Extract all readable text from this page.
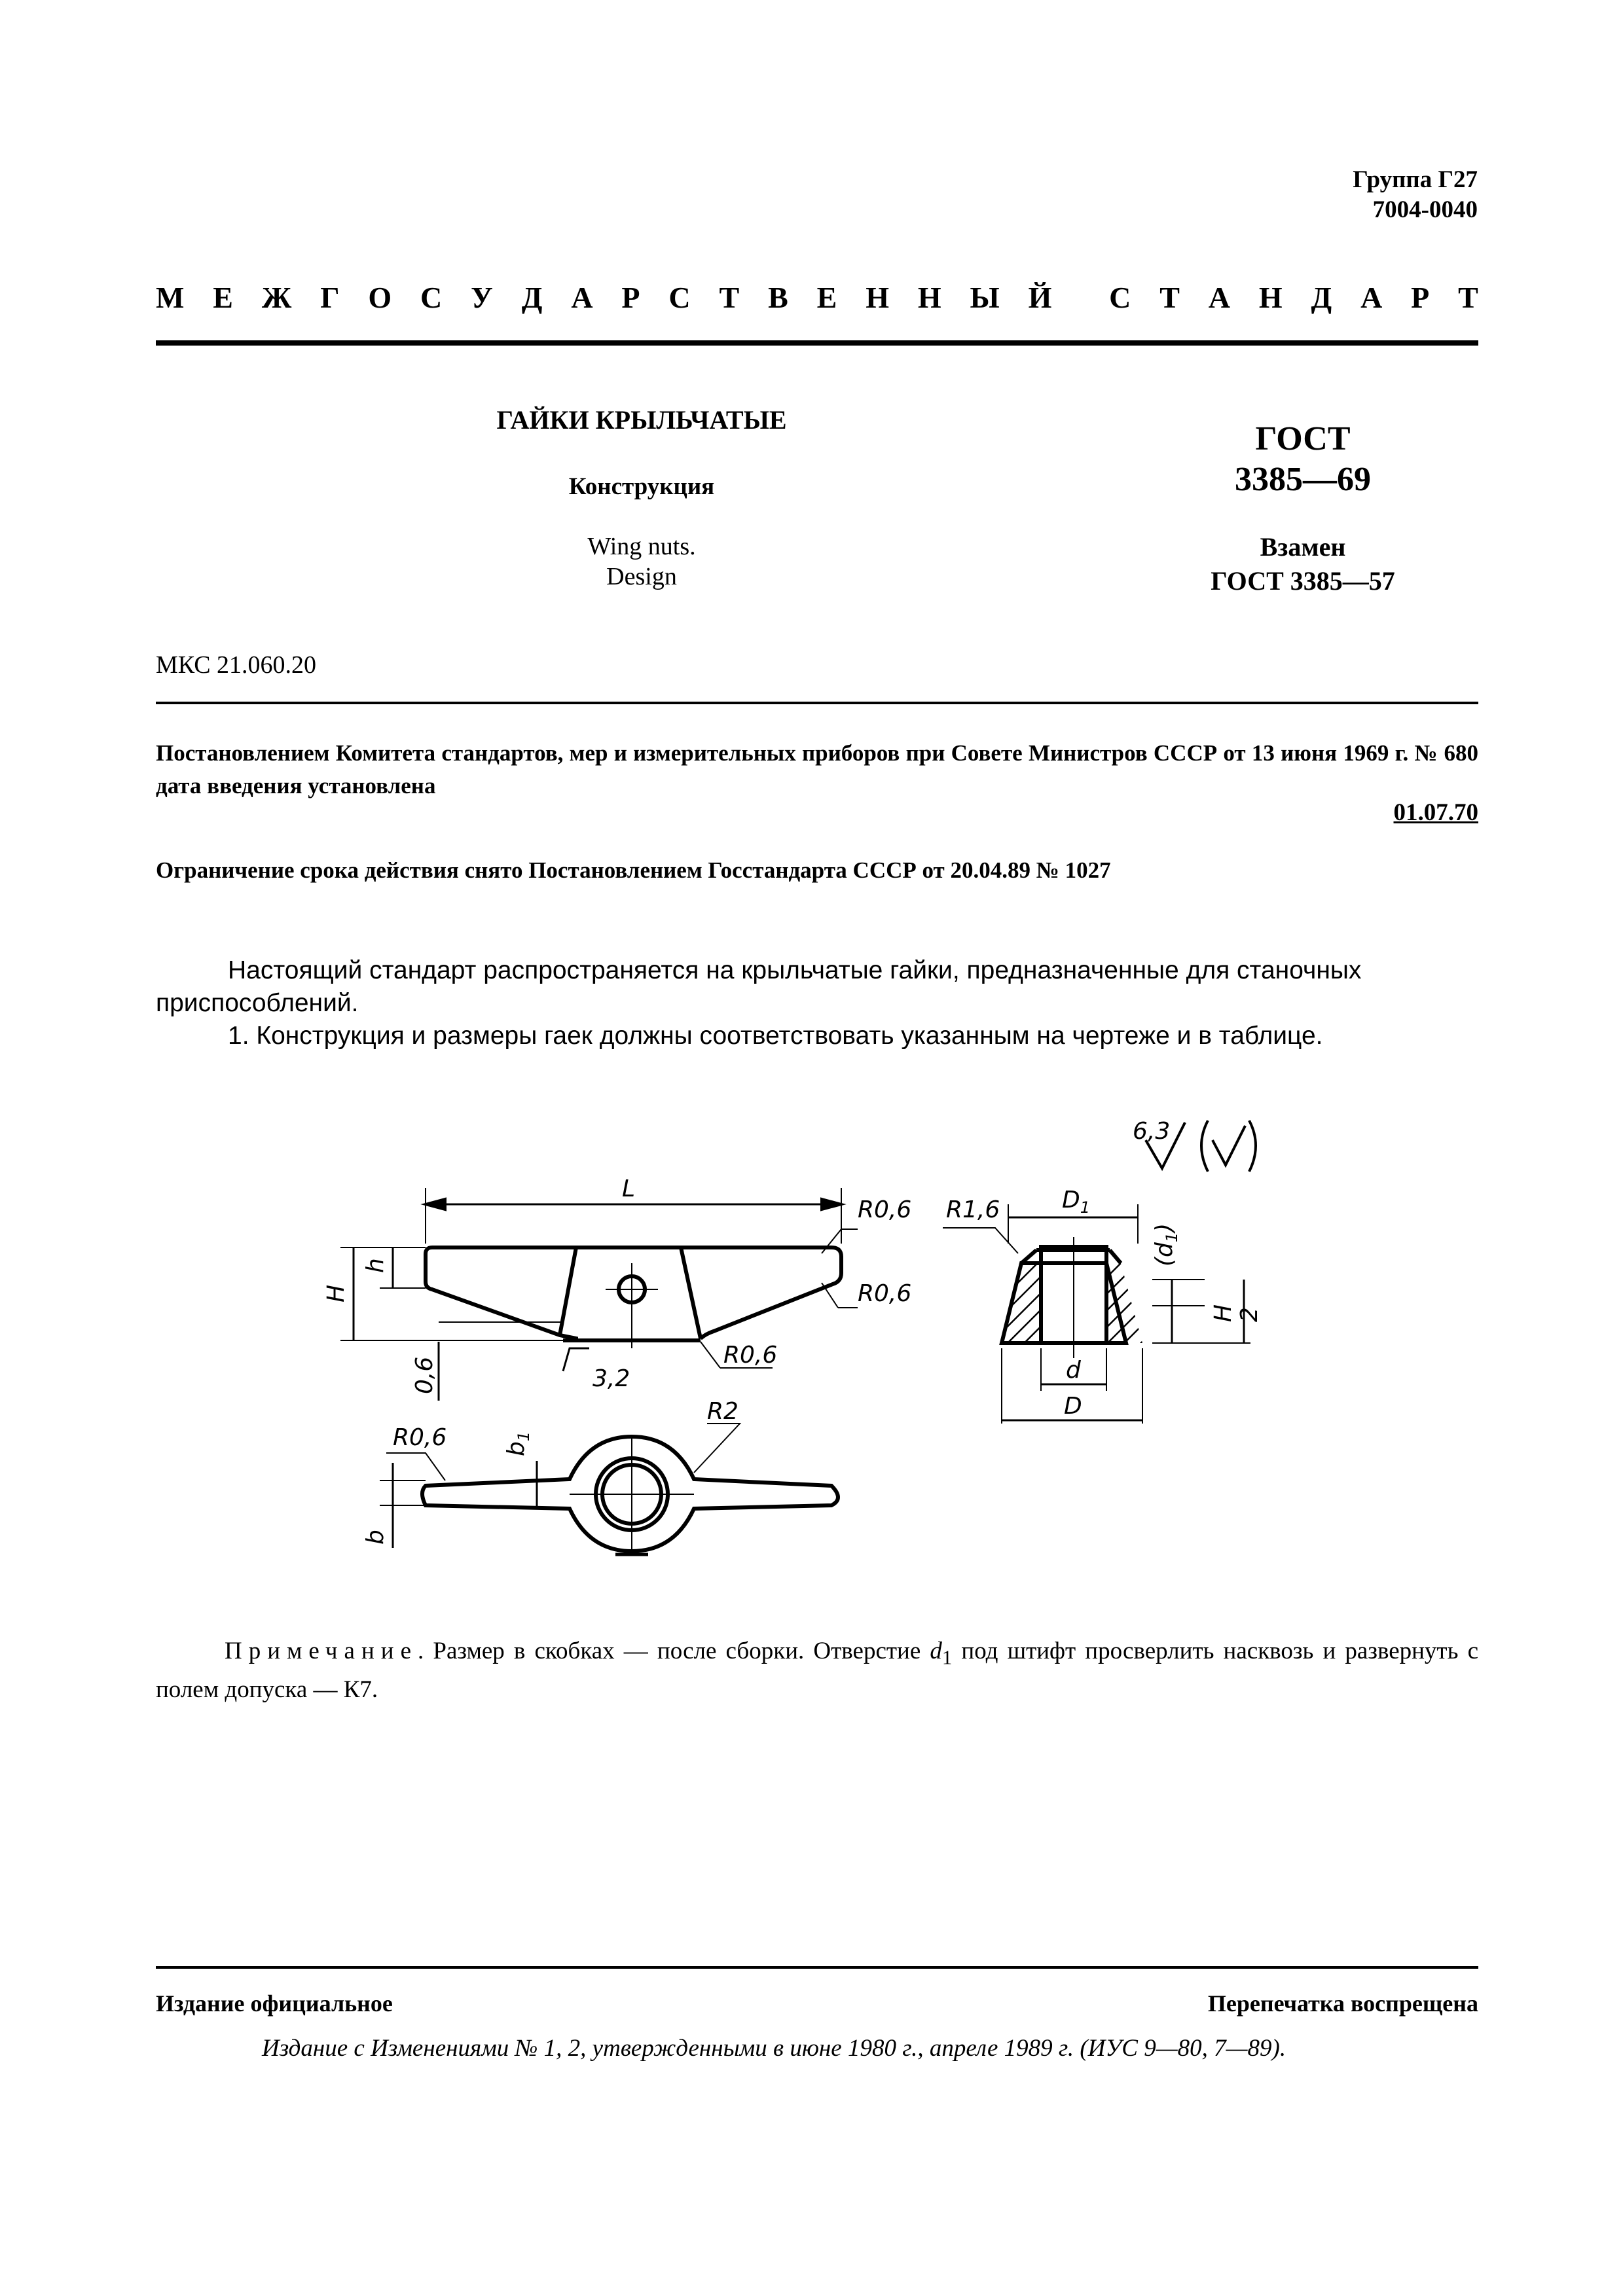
Группа Г27
7004-0040
М Е Ж Г О С У Д А Р С Т В Е Н Н Ы Й С Т А Н Д А Р Т
ГАЙКИ КРЫЛЬЧАТЫЕ
Конструкция
Wing nuts.
Design
ГОСТ
3385—69
Взамен
ГОСТ 3385—57
МКС 21.060.20
Постановлением Комитета стандартов, мер и измерительных приборов при Совете Министров СССР от 13 июня 1969 г. № 680 дата введения установлена
01.07.70
Ограничение срока действия снято Постановлением Госстандарта СССР от 20.04.89 № 1027

Настоящий стандарт распространяется на крыльчатые гайки, предназначенные для станочных приспособлений.

1. Конструкция и размеры гаек должны соответствовать указанным на чертеже и в таблице.

6,3
L
R0,6
R0,6
R0,6
3,2
H
h
0,6
R1,6	$D_1$
$(d_1)$
H 2
d
D
R0,6
R2
$b_1$
b
Примечание. Размер в скобках — после сборки. Отверстие $d_1$ под штифт просверлить насквозь и развернуть с полем допуска — К7.
Издание официальное	Перепечатка воспрещена
Издание с Изменениями № 1, 2, утвержденными в июне 1980 г., апреле 1989 г. (ИУС 9—80, 7—89).
